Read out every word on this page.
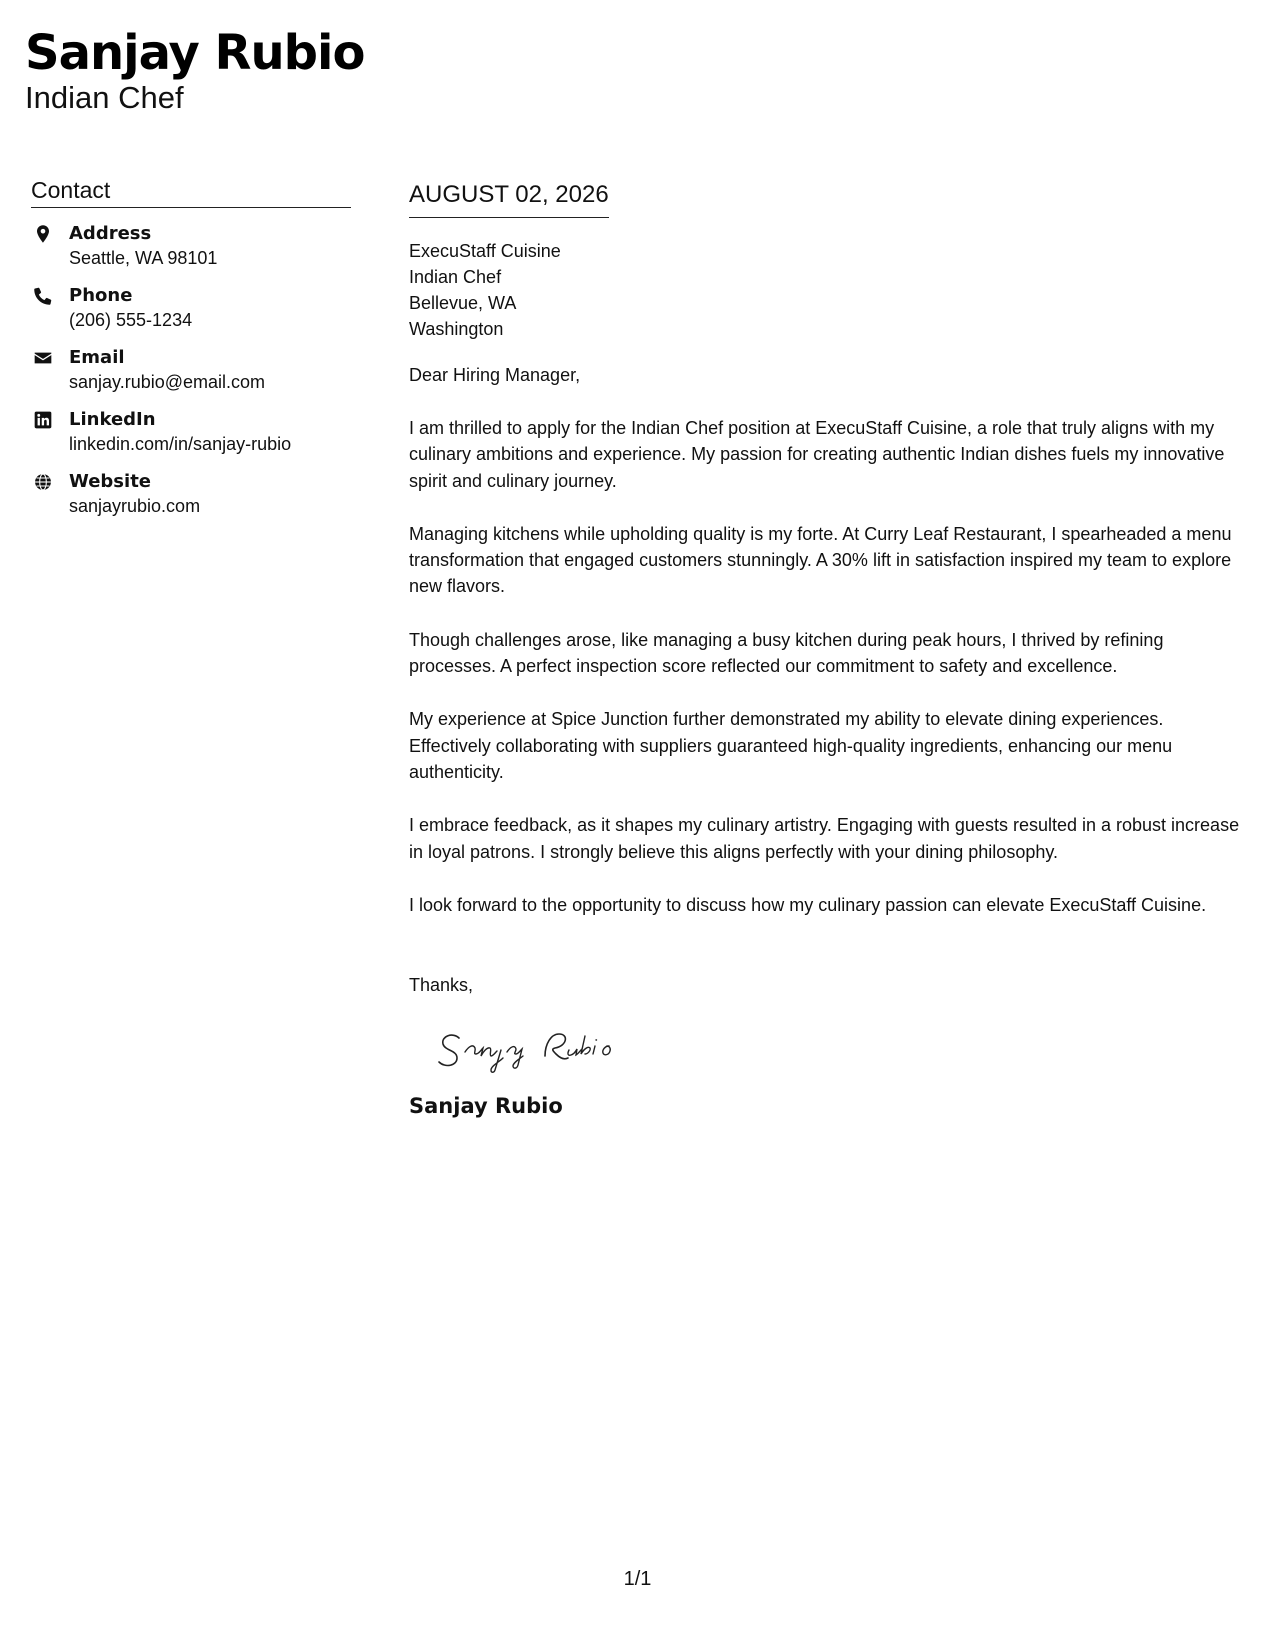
Sanjay Rubio
Indian Chef
Contact
Address
Seattle, WA 98101
Phone
(206) 555-1234
Email
sanjay.rubio@email.com
LinkedIn
linkedin.com/in/sanjay-rubio
Website
sanjayrubio.com
AUGUST 02, 2026
ExecuStaff Cuisine
Indian Chef
Bellevue, WA
Washington
Dear Hiring Manager,

I am thrilled to apply for the Indian Chef position at ExecuStaff Cuisine, a role that truly aligns with my culinary ambitions and experience. My passion for creating authentic Indian dishes fuels my innovative spirit and culinary journey.

Managing kitchens while upholding quality is my forte. At Curry Leaf Restaurant, I spearheaded a menu transformation that engaged customers stunningly. A 30% lift in satisfaction inspired my team to explore new flavors.

Though challenges arose, like managing a busy kitchen during peak hours, I thrived by refining processes. A perfect inspection score reflected our commitment to safety and excellence.

My experience at Spice Junction further demonstrated my ability to elevate dining experiences. Effectively collaborating with suppliers guaranteed high-quality ingredients, enhancing our menu authenticity.

I embrace feedback, as it shapes my culinary artistry. Engaging with guests resulted in a robust increase in loyal patrons. I strongly believe this aligns perfectly with your dining philosophy.

I look forward to the opportunity to discuss how my culinary passion can elevate ExecuStaff Cuisine.

Thanks,
Sanjay Rubio
1/1
